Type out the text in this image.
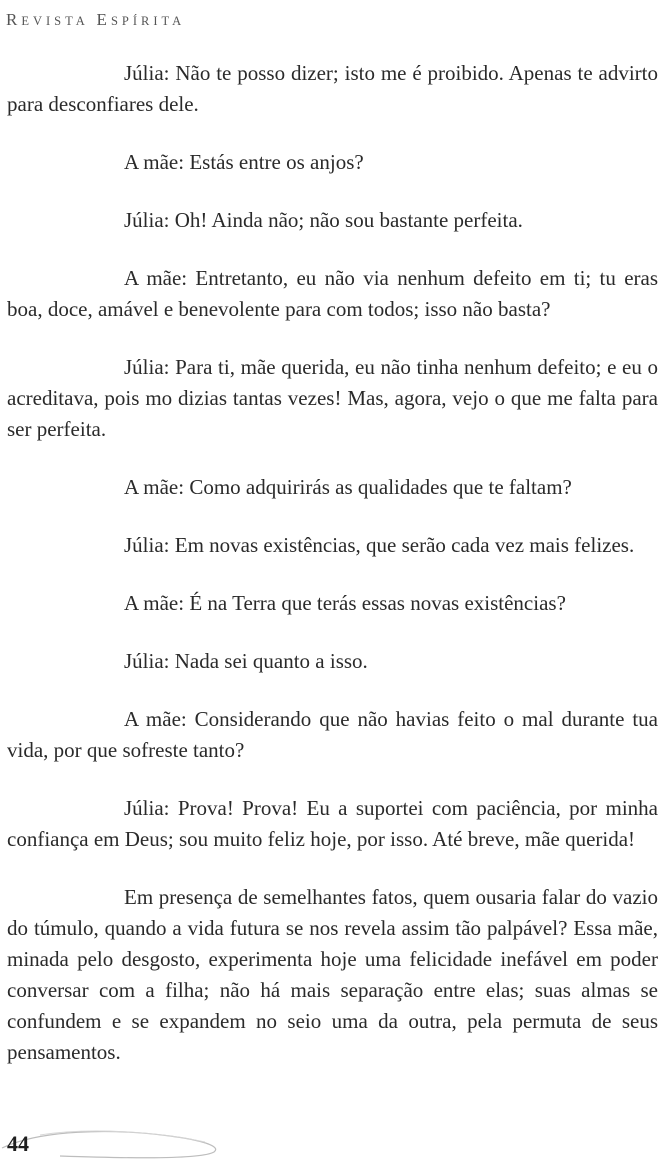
REVISTA ESPÍRITA

Júlia: Não te posso dizer; isto me é proibido. Apenas te advirto para desconfiares dele.

A mãe: Estás entre os anjos?

Júlia: Oh! Ainda não; não sou bastante perfeita.

A mãe: Entretanto, eu não via nenhum defeito em ti; tu eras boa, doce, amável e benevolente para com todos; isso não basta?

Júlia: Para ti, mãe querida, eu não tinha nenhum defeito; e eu o acreditava, pois mo dizias tantas vezes! Mas, agora, vejo o que me falta para ser perfeita.

A mãe: Como adquirirás as qualidades que te faltam?

Júlia: Em novas existências, que serão cada vez mais felizes.

A mãe: É na Terra que terás essas novas existências?

Júlia: Nada sei quanto a isso.

A mãe: Considerando que não havias feito o mal durante tua vida, por que sofreste tanto?

Júlia: Prova! Prova! Eu a suportei com paciência, por minha confiança em Deus; sou muito feliz hoje, por isso. Até breve, mãe querida!

Em presença de semelhantes fatos, quem ousaria falar do vazio do túmulo, quando a vida futura se nos revela assim tão palpável? Essa mãe, minada pelo desgosto, experimenta hoje uma felicidade inefável em poder conversar com a filha; não há mais separação entre elas; suas almas se confundem e se expandem no seio uma da outra, pela permuta de seus pensamentos.

44
